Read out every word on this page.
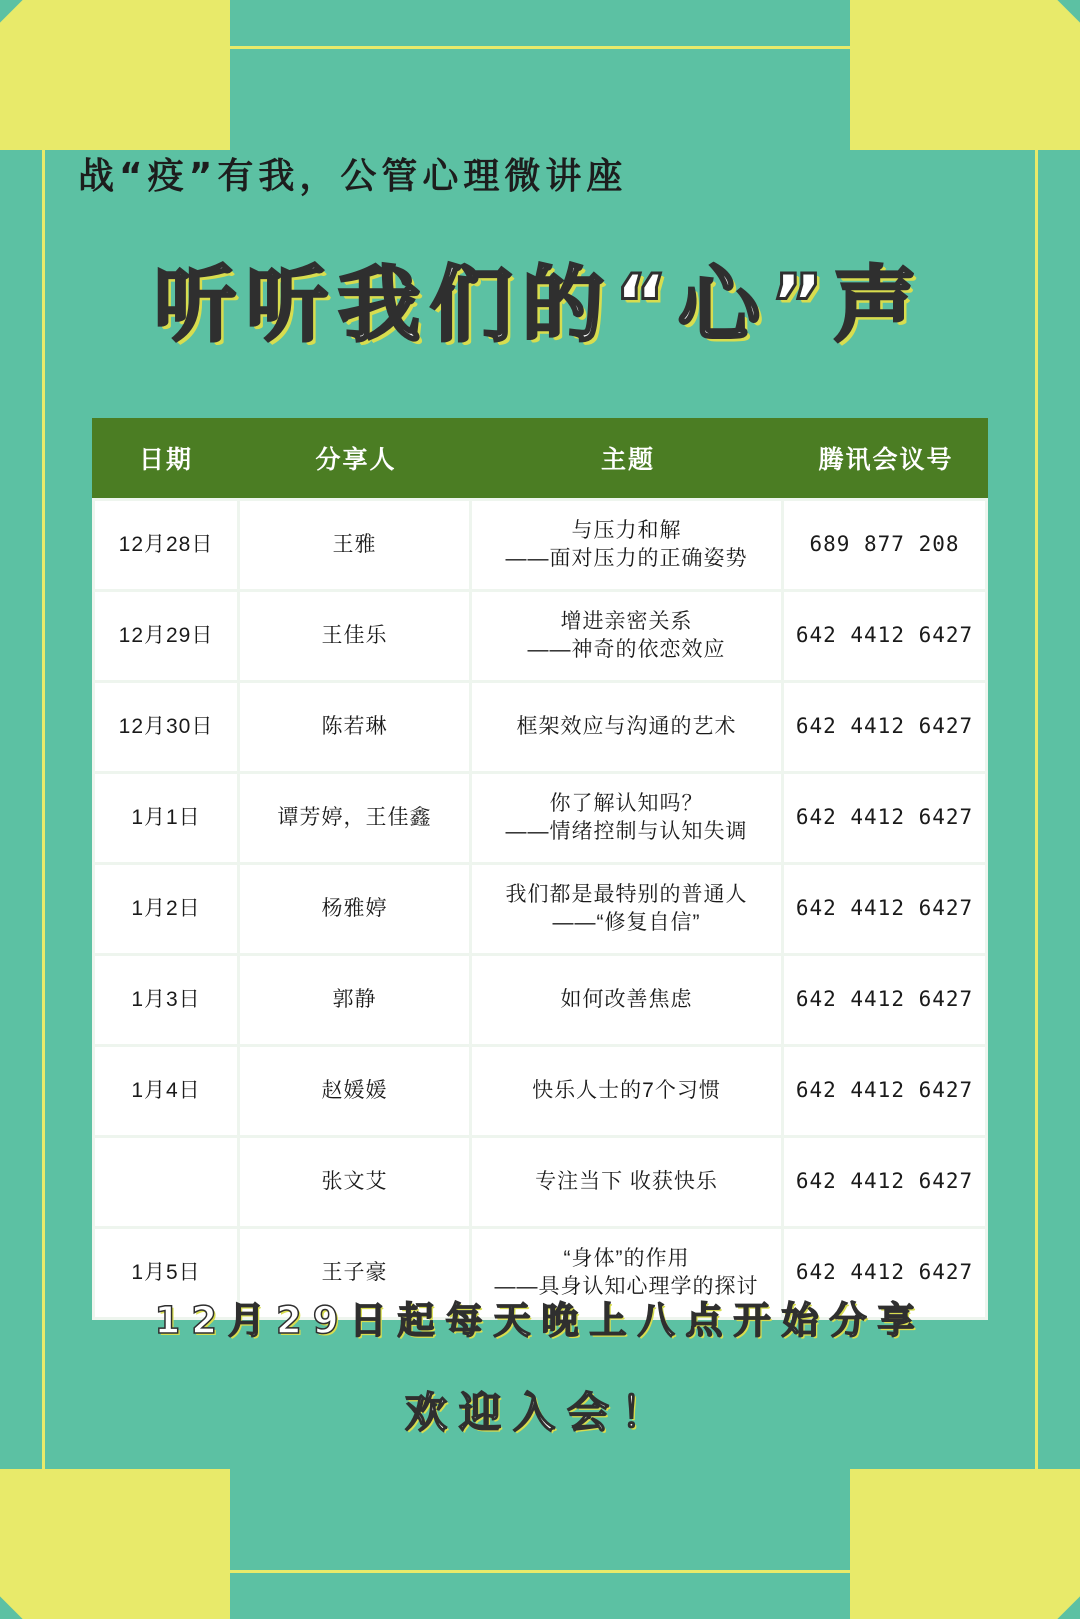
战“疫”有我，公管心理微讲座
听听我们的“心”声
日期	分享人	主题	腾讯会议号
12月28日	王雅	与压力和解
——面对压力的正确姿势	689 877 208
12月29日	王佳乐	增进亲密关系
——神奇的依恋效应	642 4412 6427
12月30日	陈若琳	框架效应与沟通的艺术	642 4412 6427
1月1日	谭芳婷，王佳鑫	你了解认知吗？
——情绪控制与认知失调	642 4412 6427
1月2日	杨雅婷	我们都是最特别的普通人
——“修复自信”	642 4412 6427
1月3日	郭静	如何改善焦虑	642 4412 6427
1月4日	赵媛媛	快乐人士的7个习惯	642 4412 6427
	张文艾	专注当下 收获快乐	642 4412 6427
1月5日	王子豪	“身体”的作用
——具身认知心理学的探讨	642 4412 6427
12月29日起每天晚上八点开始分享
欢迎入会！
